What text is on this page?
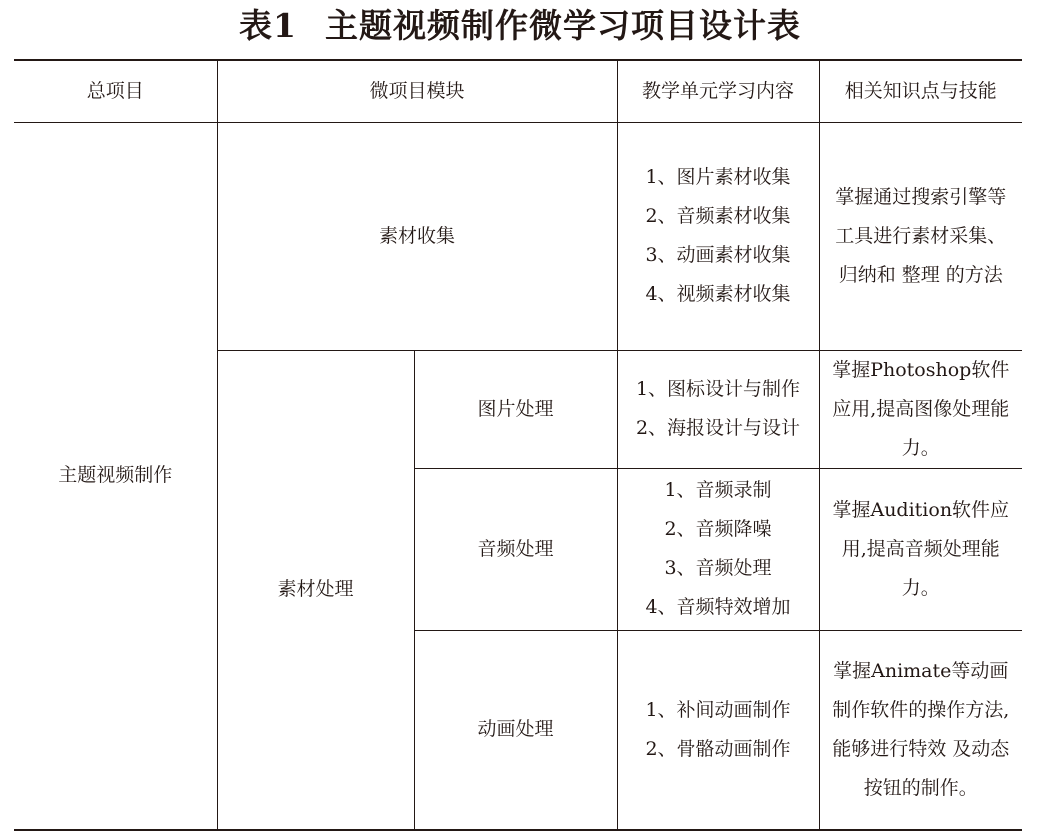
表1 主题视频制作微学习项目设计表
总项目	微项目模块		教学单元学习内容	相关知识点与技能
主题视频制作	素材收集		1、图片素材收集
2、音频素材收集
3、动画素材收集
4、视频素材收集	掌握通过搜索引擎等工具进行素材采集、归纳和 整理 的方法
	素材处理	图片处理	1、图标设计与制作
2、海报设计与设计	掌握Photoshop软件应用,提高图像处理能力。
		音频处理	1、音频录制
2、音频降噪
3、音频处理
4、音频特效增加	掌握Audition软件应用,提高音频处理能力。
		动画处理	1、补间动画制作
2、骨骼动画制作	掌握Animate等动画制作软件的操作方法,能够进行特效 及动态按钮的制作。
